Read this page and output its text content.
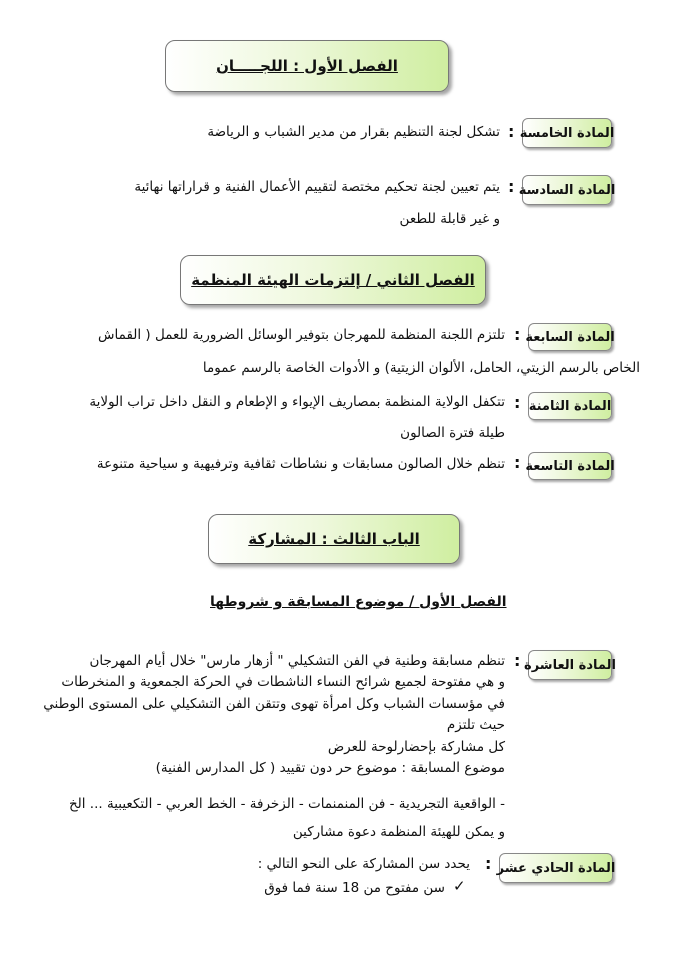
الفصل الأول : اللجـــــان
المادة الخامسة
:
تشكل لجنة التنظيم بقرار من مدير الشباب و الرياضة
المادة السادسة
:
يتم تعيين لجنة تحكيم مختصة لتقييم الأعمال الفنية و قراراتها نهائية
و غير قابلة للطعن
الفصل الثاني / إلتزمات الهيئة المنظمة
المادة السابعة
:
تلتزم اللجنة المنظمة للمهرجان بتوفير الوسائل الضرورية للعمل ( القماش
الخاص بالرسم الزيتي، الحامل، الألوان الزيتية) و الأدوات الخاصة بالرسم عموما
المادة الثامنة
:
تتكفل الولاية المنظمة بمصاريف الإيواء و الإطعام و النقل داخل تراب الولاية
طيلة فترة الصالون
المادة التاسعة
:
تنظم خلال الصالون مسابقات و نشاطات ثقافية وترفيهية و سياحية متنوعة
الباب الثالث : المشاركة
الفصل الأول / موضوع المسابقة و شروطها
المادة العاشرة
:
تنظم مسابقة وطنية في الفن التشكيلي " أزهار مارس" خلال أيام المهرجان
و هي مفتوحة لجميع شرائح النساء الناشطات في الحركة الجمعوية و المنخرطات
في مؤسسات الشباب وكل امرأة تهوى وتتقن الفن التشكيلي على المستوى الوطني
حيث تلتزم
كل مشاركة بإحضارلوحة للعرض
موضوع المسابقة : موضوع حر دون تقييد ( كل المدارس الفنية)
- الواقعية التجريدية - فن المنمنمات - الزخرفة - الخط العربي - التكعيبية ... الخ
و يمكن للهيئة المنظمة دعوة مشاركين
المادة الحادي عشر
:
يحدد سن المشاركة على النحو التالي :
✓
سن مفتوح من 18 سنة فما فوق
